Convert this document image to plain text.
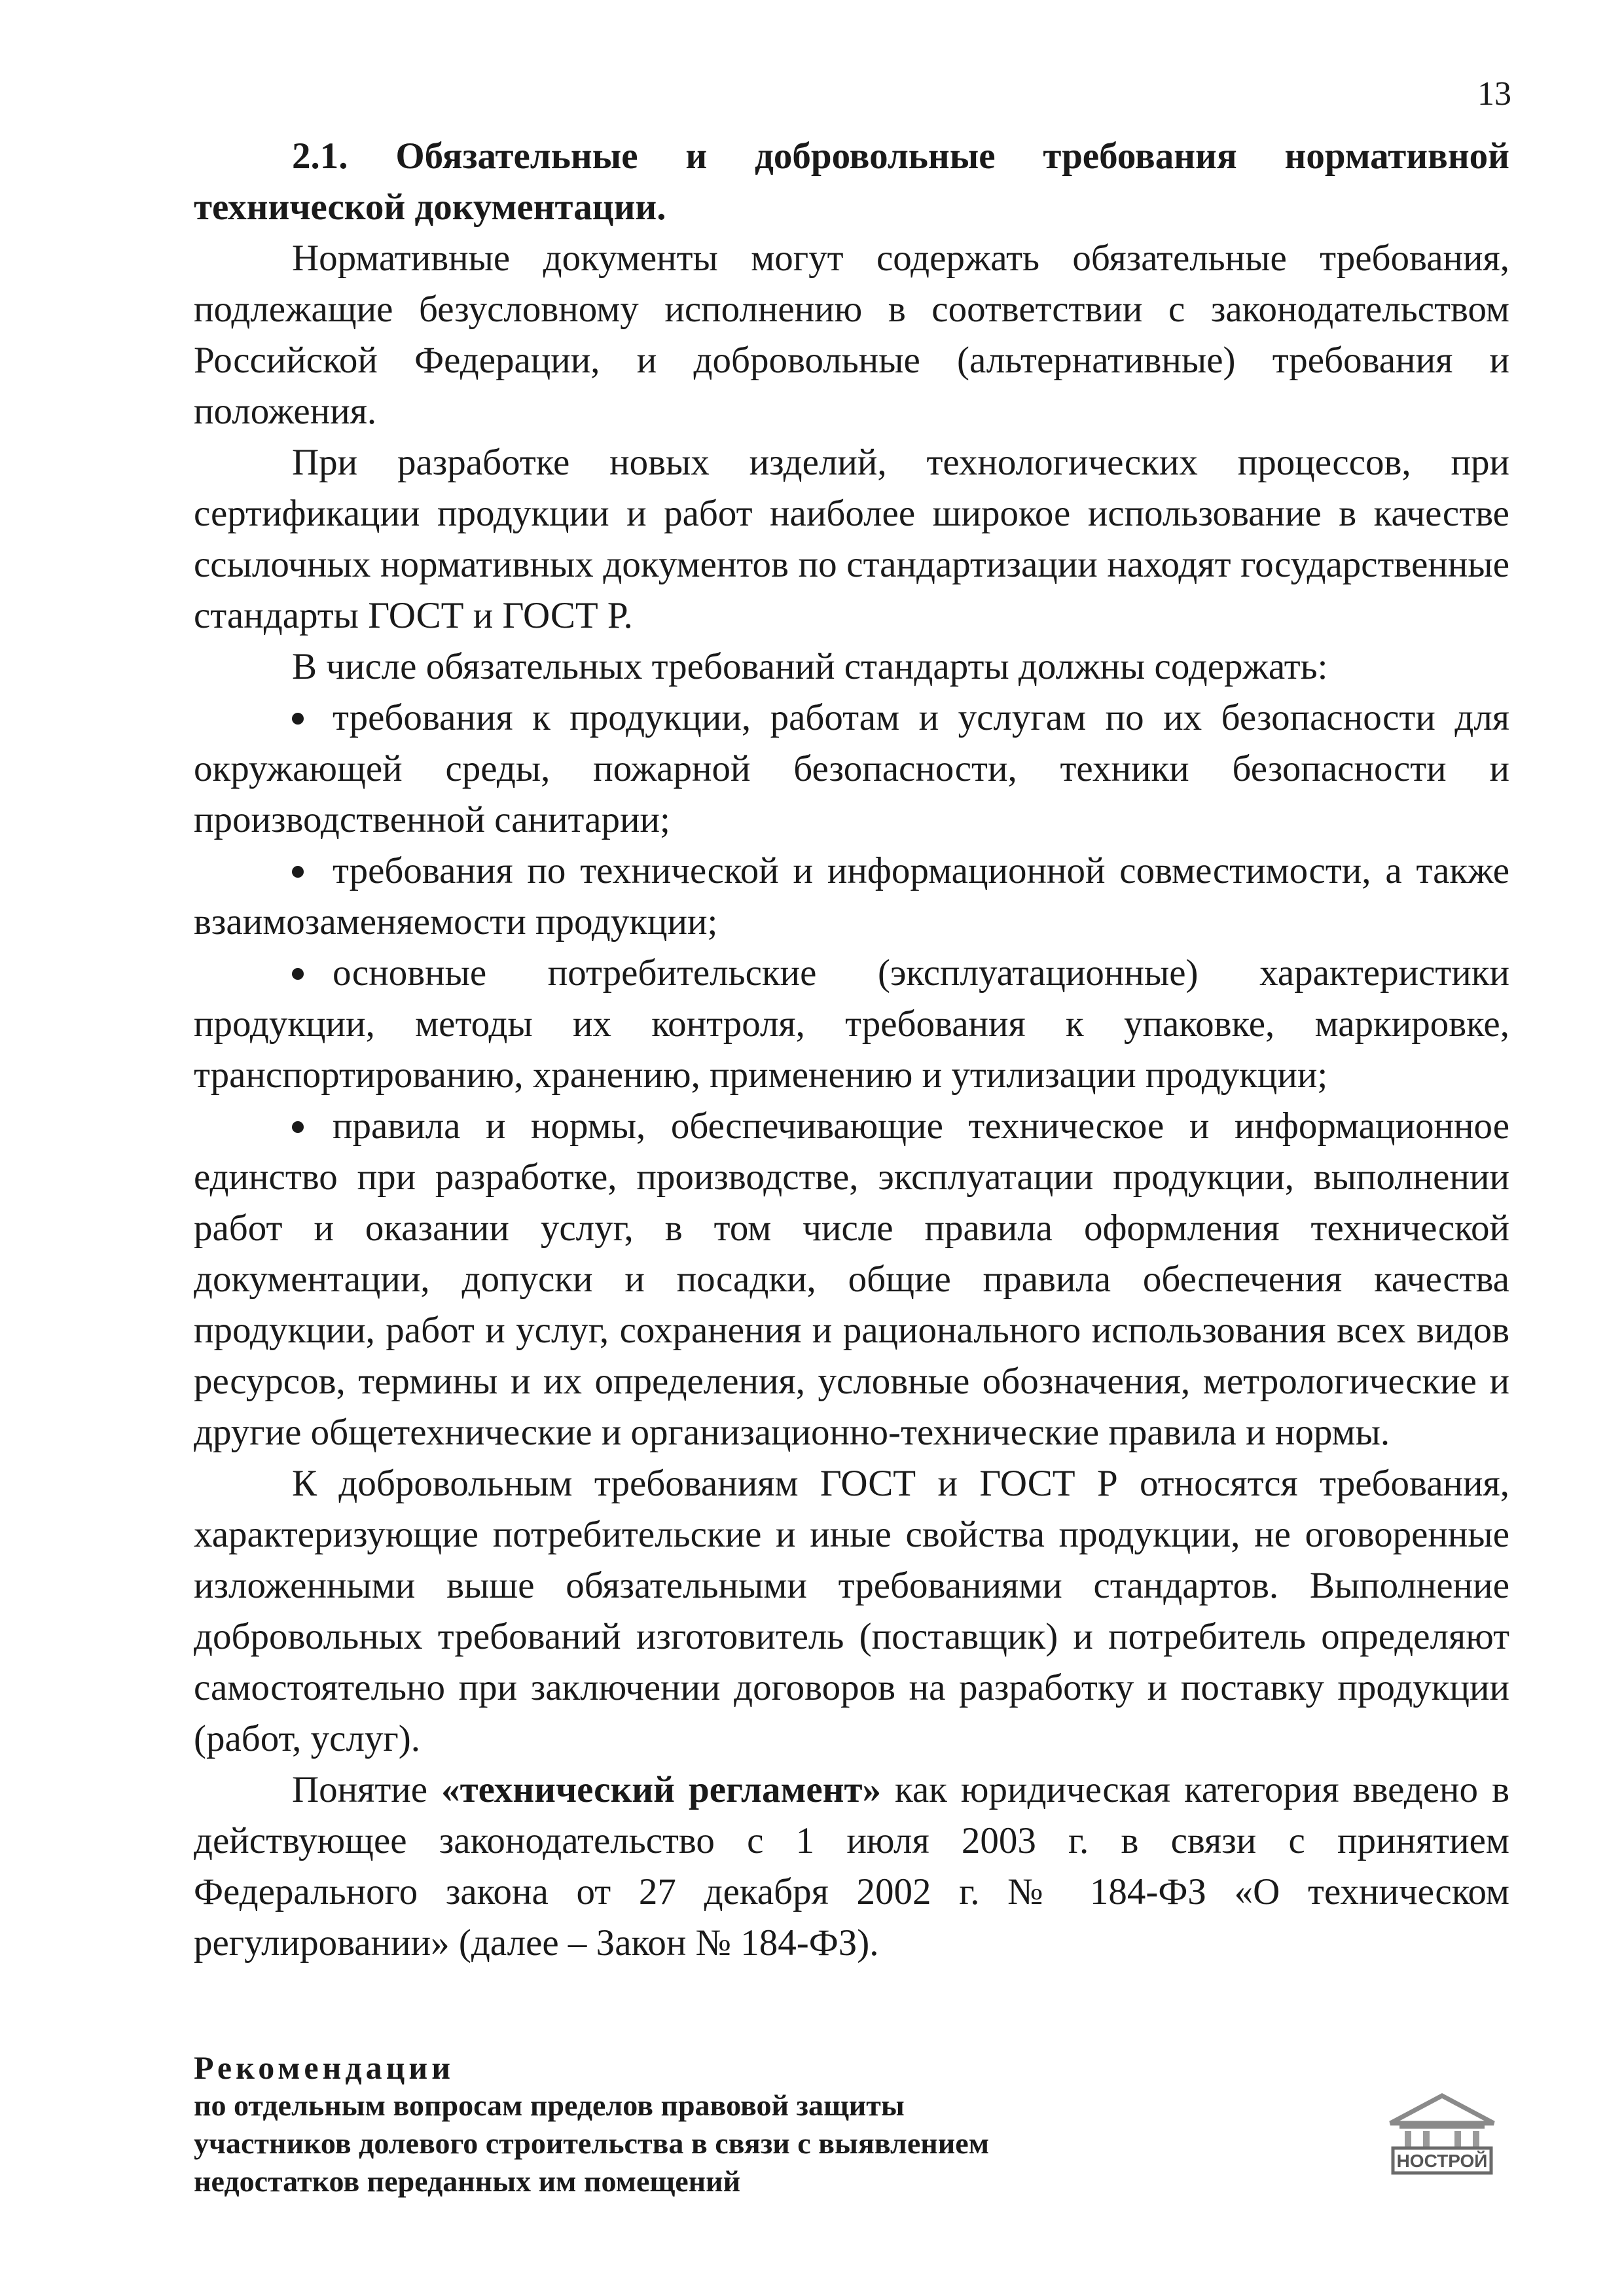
13

2.1. Обязательные и добровольные требования нормативной технической документации.

Нормативные документы могут содержать обязательные требования, подлежащие безусловному исполнению в соответствии с законодательством Российской Федерации, и добровольные (альтернативные) требования и положения.

При разработке новых изделий, технологических процессов, при сертификации продукции и работ наиболее широкое использование в качестве ссылочных нормативных документов по стандартизации находят государственные стандарты ГОСТ и ГОСТ Р.

В числе обязательных требований стандарты должны содержать:

требования к продукции, работам и услугам по их безопасности для окружающей среды, пожарной безопасности, техники безопасности и производственной санитарии;

требования по технической и информационной совместимости, а также взаимозаменяемости продукции;

основные потребительские (эксплуатационные) характеристики продукции, методы их контроля, требования к упаковке, маркировке, транспортированию, хранению, применению и утилизации продукции;

правила и нормы, обеспечивающие техническое и информационное единство при разработке, производстве, эксплуатации продукции, выполнении работ и оказании услуг, в том числе правила оформления технической документации, допуски и посадки, общие правила обеспечения качества продукции, работ и услуг, сохранения и рационального использования всех видов ресурсов, термины и их определения, условные обозначения, метрологические и другие общетехнические и организационно-технические правила и нормы.

К добровольным требованиям ГОСТ и ГОСТ Р относятся требования, характеризующие потребительские и иные свойства продукции, не оговоренные изложенными выше обязательными требованиями стандартов. Выполнение добровольных требований изготовитель (поставщик) и потребитель определяют самостоятельно при заключении договоров на разработку и поставку продукции (работ, услуг).

Понятие «технический регламент» как юридическая категория введено в действующее законодательство с 1 июля 2003 г. в связи с принятием Федерального закона от 27 декабря 2002 г. № 184-ФЗ «О техническом регулировании» (далее – Закон № 184-ФЗ).

Рекомендации
по отдельным вопросам пределов правовой защиты
участников долевого строительства в связи с выявлением
недостатков переданных им помещений
НОСТРОЙ
